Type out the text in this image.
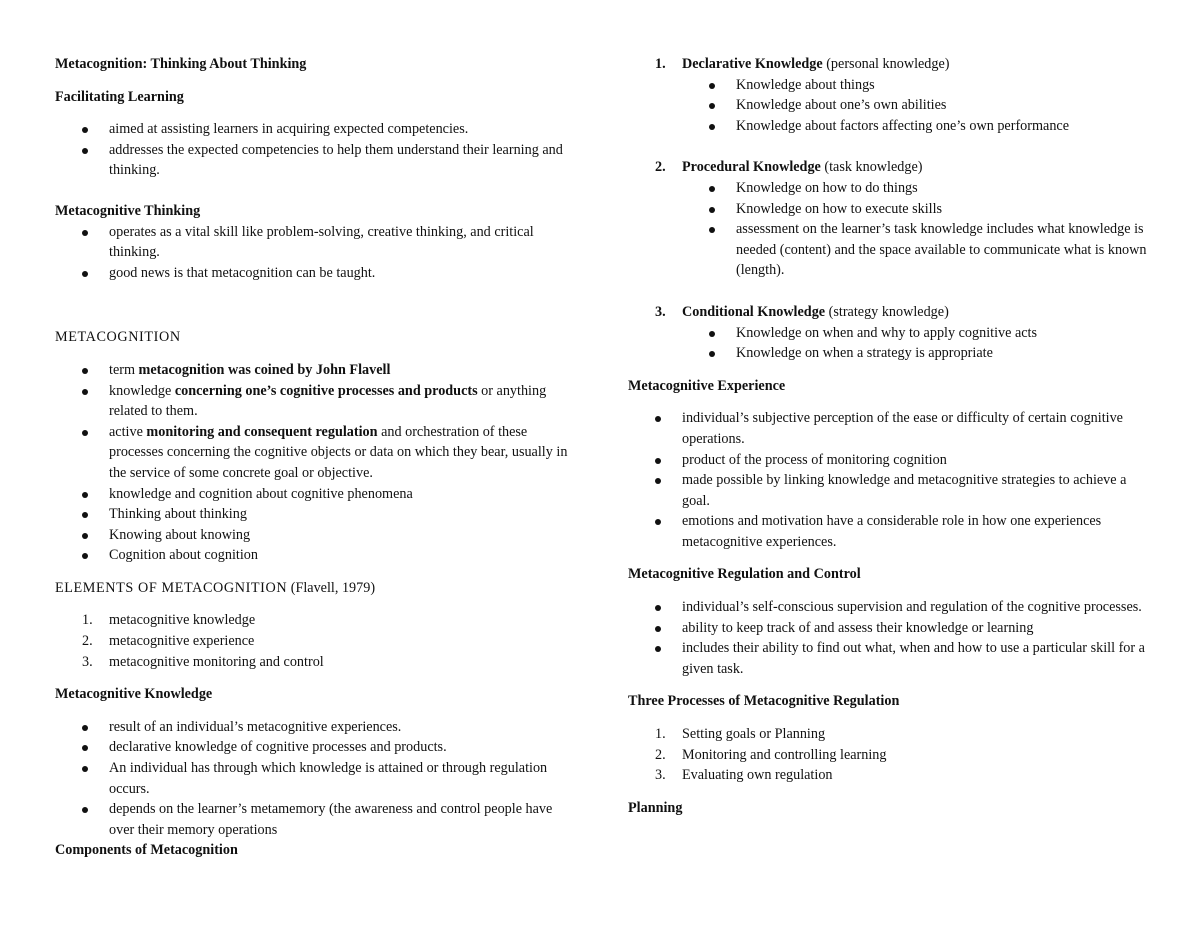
Metacognition: Thinking About Thinking

Facilitating Learning

aimed at assisting learners in acquiring expected competencies.
addresses the expected competencies to help them understand their learning and thinking.

Metacognitive Thinking

operates as a vital skill like problem-solving, creative thinking, and critical thinking.
good news is that metacognition can be taught.

METACOGNITION

term metacognition was coined by John Flavell
knowledge concerning one’s cognitive processes and products or anything related to them.
active monitoring and consequent regulation and orchestration of these processes concerning the cognitive objects or data on which they bear, usually in the service of some concrete goal or objective.
knowledge and cognition about cognitive phenomena
Thinking about thinking
Knowing about knowing
Cognition about cognition

ELEMENTS OF METACOGNITION (Flavell, 1979)

1. metacognitive knowledge
2. metacognitive experience
3. metacognitive monitoring and control

Metacognitive Knowledge

result of an individual’s metacognitive experiences.
declarative knowledge of cognitive processes and products.
An individual has through which knowledge is attained or through regulation occurs.
depends on the learner’s metamemory (the awareness and control people have over their memory operations

Components of Metacognition

1. Declarative Knowledge (personal knowledge)
Knowledge about things
Knowledge about one’s own abilities
Knowledge about factors affecting one’s own performance
2. Procedural Knowledge (task knowledge)
Knowledge on how to do things
Knowledge on how to execute skills
assessment on the learner’s task knowledge includes what knowledge is needed (content) and the space available to communicate what is known (length).
3. Conditional Knowledge (strategy knowledge)
Knowledge on when and why to apply cognitive acts
Knowledge on when a strategy is appropriate

Metacognitive Experience

individual’s subjective perception of the ease or difficulty of certain cognitive operations.
product of the process of monitoring cognition
made possible by linking knowledge and metacognitive strategies to achieve a goal.
emotions and motivation have a considerable role in how one experiences metacognitive experiences.

Metacognitive Regulation and Control

individual’s self-conscious supervision and regulation of the cognitive processes.
ability to keep track of and assess their knowledge or learning
includes their ability to find out what, when and how to use a particular skill for a given task.

Three Processes of Metacognitive Regulation

1. Setting goals or Planning
2. Monitoring and controlling learning
3. Evaluating own regulation

Planning
